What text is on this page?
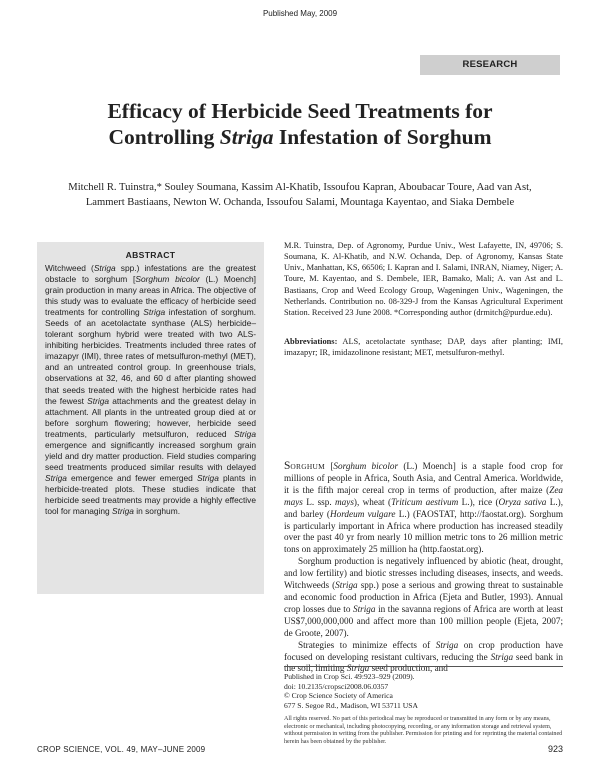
Published May, 2009
RESEARCH
Efficacy of Herbicide Seed Treatments for
Controlling Striga Infestation of Sorghum
Mitchell R. Tuinstra,* Souley Soumana, Kassim Al-Khatib, Issoufou Kapran, Aboubacar Toure, Aad van Ast,
Lammert Bastiaans, Newton W. Ochanda, Issoufou Salami, Mountaga Kayentao, and Siaka Dembele
ABSTRACT
Witchweed (Striga spp.) infestations are the greatest obstacle to sorghum [Sorghum bicolor (L.) Moench] grain production in many areas in Africa. The objective of this study was to evaluate the efficacy of herbicide seed treatments for controlling Striga infestation of sorghum. Seeds of an acetolactate synthase (ALS) herbicide–tolerant sorghum hybrid were treated with two ALS-inhibiting herbicides. Treatments included three rates of imazapyr (IMI), three rates of metsulfuron-methyl (MET), and an untreated control group. In greenhouse trials, observations at 32, 46, and 60 d after planting showed that seeds treated with the highest herbicide rates had the fewest Striga attachments and the greatest delay in attachment. All plants in the untreated group died at or before sorghum flowering; however, herbicide seed treatments, particularly metsulfuron, reduced Striga emergence and significantly increased sorghum grain yield and dry matter production. Field studies comparing seed treatments produced similar results with delayed Striga emergence and fewer emerged Striga plants in herbicide-treated plots. These studies indicate that herbicide seed treatments may provide a highly effective tool for managing Striga in sorghum.
M.R. Tuinstra, Dep. of Agronomy, Purdue Univ., West Lafayette, IN, 49706; S. Soumana, K. Al-Khatib, and N.W. Ochanda, Dep. of Agronomy, Kansas State Univ., Manhattan, KS, 66506; I. Kapran and I. Salami, INRAN, Niamey, Niger; A. Toure, M. Kayentao, and S. Dembele, IER, Bamako, Mali; A. van Ast and L. Bastiaans, Crop and Weed Ecology Group, Wageningen Univ., Wageningen, the Netherlands. Contribution no. 08-329-J from the Kansas Agricultural Experiment Station. Received 23 June 2008. *Corresponding author (drmitch@purdue.edu).
Abbreviations: ALS, acetolactate synthase; DAP, days after planting; IMI, imazapyr; IR, imidazolinone resistant; MET, metsulfuron-methyl.

SORGHUM [Sorghum bicolor (L.) Moench] is a staple food crop for millions of people in Africa, South Asia, and Central America. Worldwide, it is the fifth major cereal crop in terms of production, after maize (Zea mays L. ssp. mays), wheat (Triticum aestivum L.), rice (Oryza sativa L.), and barley (Hordeum vulgare L.) (FAOSTAT, http://faostat.org). Sorghum is particularly important in Africa where production has increased steadily over the past 40 yr from nearly 10 million metric tons to 26 million metric tons on approximately 25 million ha (http.faostat.org).

Sorghum production is negatively influenced by abiotic (heat, drought, and low fertility) and biotic stresses including diseases, insects, and weeds. Witchweeds (Striga spp.) pose a serious and growing threat to sustainable and economic food production in Africa (Ejeta and Butler, 1993). Annual crop losses due to Striga in the savanna regions of Africa are worth at least US$7,000,000,000 and affect more than 100 million people (Ejeta, 2007; de Groote, 2007).

Strategies to minimize effects of Striga on crop production have focused on developing resistant cultivars, reducing the Striga seed bank in the soil, limiting Striga seed production, and

Published in Crop Sci. 49:923–929 (2009).
doi: 10.2135/cropsci2008.06.0357
© Crop Science Society of America
677 S. Segoe Rd., Madison, WI 53711 USA
All rights reserved. No part of this periodical may be reproduced or transmitted in any form or by any means, electronic or mechanical, including photocopying, recording, or any information storage and retrieval system, without permission in writing from the publisher. Permission for printing and for reprinting the material contained herein has been obtained by the publisher.
CROP SCIENCE, VOL. 49, MAY–JUNE 2009	923
